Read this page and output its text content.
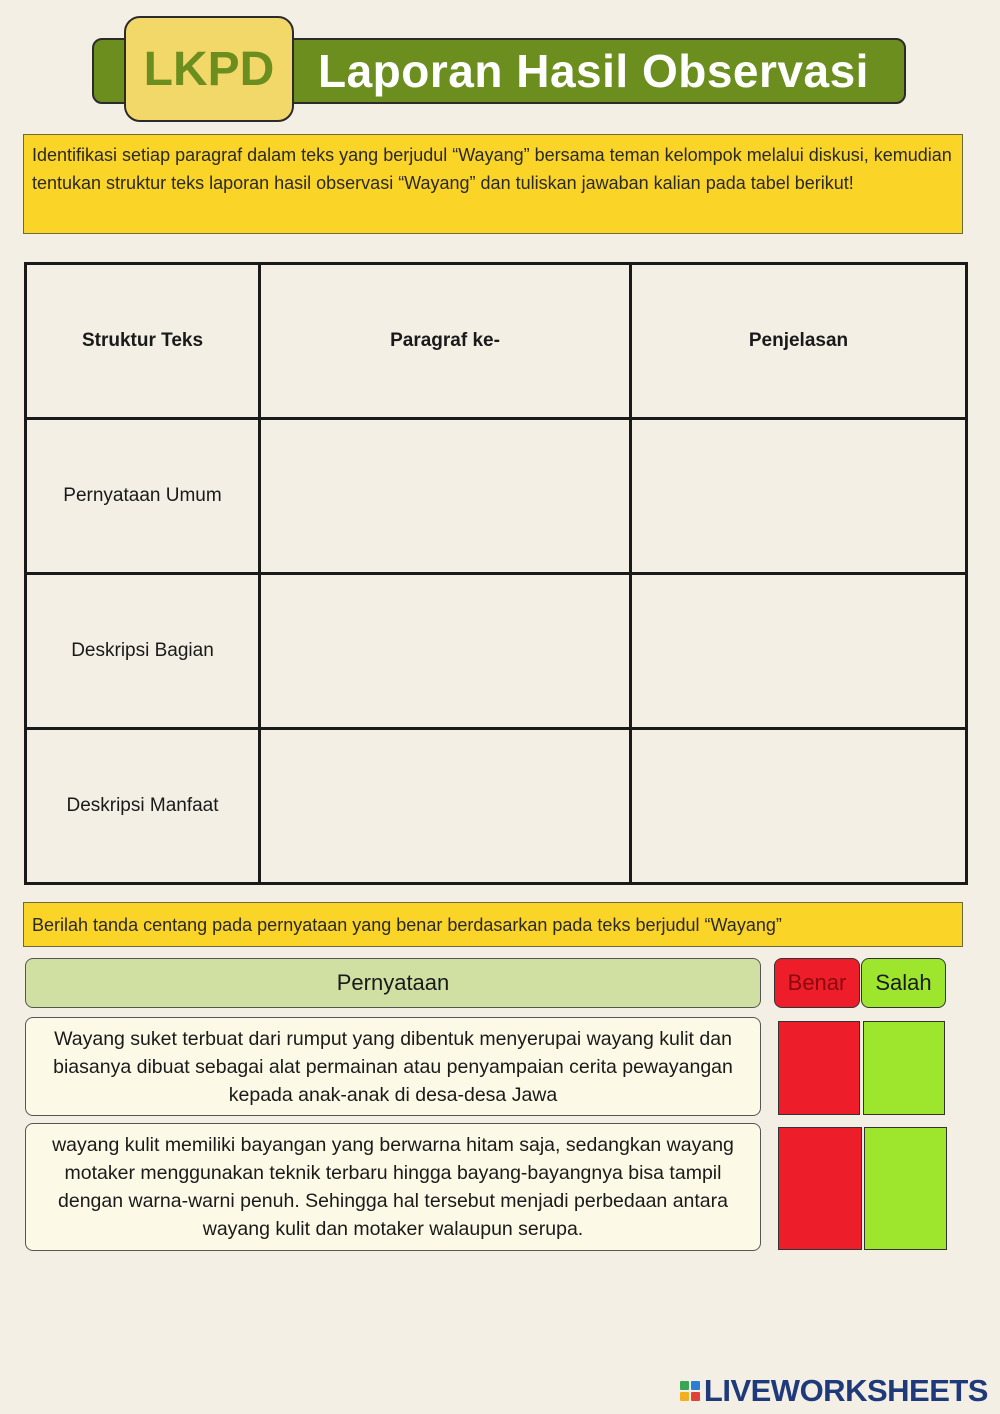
Laporan Hasil Observasi
LKPD
Identifikasi setiap paragraf dalam teks yang berjudul “Wayang” bersama teman kelompok melalui diskusi, kemudian tentukan struktur teks laporan hasil observasi “Wayang” dan tuliskan jawaban kalian pada tabel berikut!
Struktur Teks	Paragraf ke-	Penjelasan
Pernyataan Umum		
Deskripsi Bagian		
Deskripsi Manfaat		
Berilah tanda centang pada pernyataan yang benar berdasarkan pada teks berjudul “Wayang”
Pernyataan	Benar	Salah
Wayang suket terbuat dari rumput yang dibentuk menyerupai wayang kulit dan biasanya dibuat sebagai alat permainan atau penyampaian cerita pewayangan kepada anak-anak di desa-desa Jawa
wayang kulit memiliki bayangan yang berwarna hitam saja, sedangkan wayang motaker menggunakan teknik terbaru hingga bayang-bayangnya bisa tampil dengan warna-warni penuh. Sehingga hal tersebut menjadi perbedaan antara wayang kulit dan motaker walaupun serupa.
LIVEWORKSHEETS
